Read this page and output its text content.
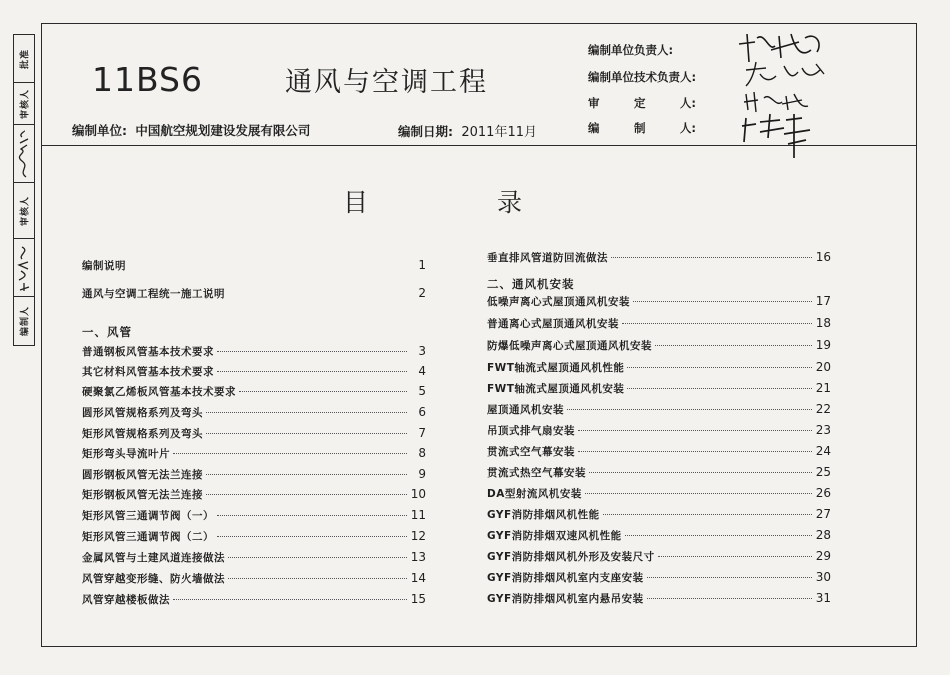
批准
审核人
审核人
编制人
11BS6	通风与空调工程
编制单位: 中国航空规划建设发展有限公司	编制日期: 2011年11月
编制单位负责人:
编制单位技术负责人:
审	定	人:
编	制	人:
目	录
编制说明	1
通风与空调工程统一施工说明	2
一、风管
普通钢板风管基本技术要求	3
其它材料风管基本技术要求	4
硬聚氯乙烯板风管基本技术要求	5
圆形风管规格系列及弯头	6
矩形风管规格系列及弯头	7
矩形弯头导流叶片	8
圆形钢板风管无法兰连接	9
矩形钢板风管无法兰连接	10
矩形风管三通调节阀（一）	11
矩形风管三通调节阀（二）	12
金属风管与土建风道连接做法	13
风管穿越变形缝、防火墙做法	14
风管穿越楼板做法	15
垂直排风管道防回流做法	16
二、通风机安装
低噪声离心式屋顶通风机安装	17
普通离心式屋顶通风机安装	18
防爆低噪声离心式屋顶通风机安装	19
FWT轴流式屋顶通风机性能	20
FWT轴流式屋顶通风机安装	21
屋顶通风机安装	22
吊顶式排气扇安装	23
贯流式空气幕安装	24
贯流式热空气幕安装	25
DA型射流风机安装	26
GYF消防排烟风机性能	27
GYF消防排烟双速风机性能	28
GYF消防排烟风机外形及安装尺寸	29
GYF消防排烟风机室内支座安装	30
GYF消防排烟风机室内悬吊安装	31
